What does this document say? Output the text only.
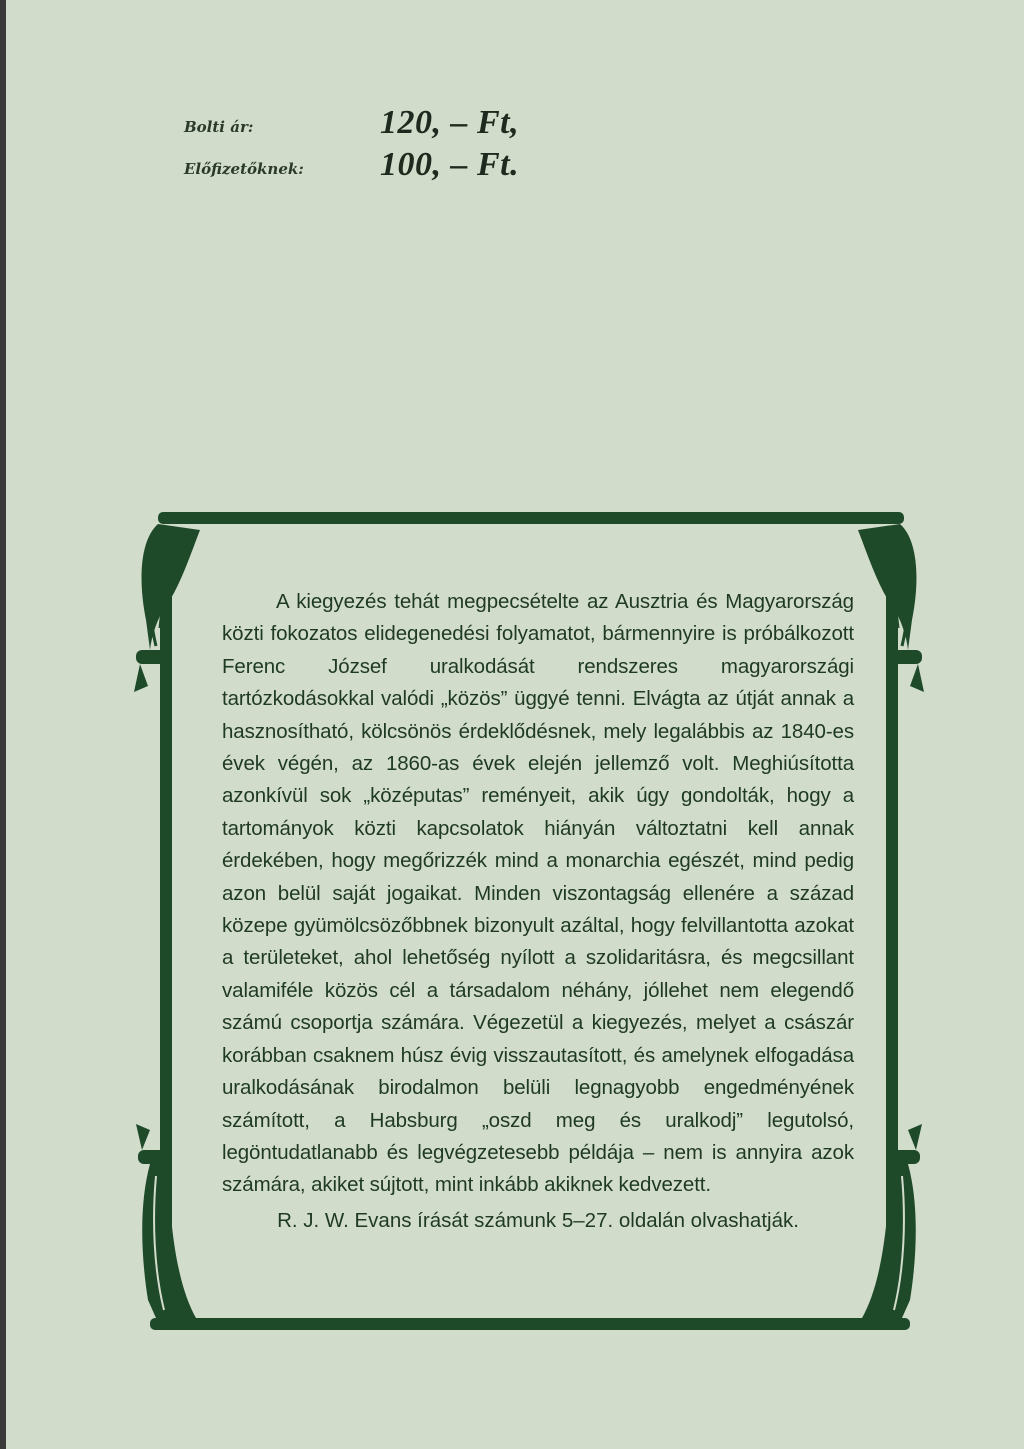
Bolti ár:	120, – Ft,
Előfizetőknek: 100, – Ft.

A kiegyezés tehát megpecsételte az Ausztria és Magyarország közti fokozatos elidegenedési folyamatot, bármennyire is próbálkozott Ferenc József uralkodását rendszeres magyarországi tartózkodásokkal valódi „közös” üggyé tenni. Elvágta az útját annak a hasznosítható, kölcsönös érdeklődésnek, mely legalábbis az 1840-es évek végén, az 1860-as évek elején jellemző volt. Meghiúsította azonkívül sok „középutas” reményeit, akik úgy gondolták, hogy a tartományok közti kapcsolatok hiányán változtatni kell annak érdekében, hogy megőrizzék mind a monarchia egészét, mind pedig azon belül saját jogaikat. Minden viszontagság ellenére a század közepe gyümölcsözőbbnek bizonyult azáltal, hogy felvillantotta azokat a területeket, ahol lehetőség nyílott a szolidaritásra, és megcsillant valamiféle közös cél a társadalom néhány, jóllehet nem elegendő számú csoportja számára. Végezetül a kiegyezés, melyet a császár korábban csaknem húsz évig visszautasított, és amelynek elfogadása uralkodásának birodalmon belüli legnagyobb engedményének számított, a Habsburg „oszd meg és uralkodj” legutolsó, legöntudatlanabb és legvégzetesebb példája – nem is annyira azok számára, akiket sújtott, mint inkább akiknek kedvezett.

R. J. W. Evans írását számunk 5–27. oldalán olvashatják.
